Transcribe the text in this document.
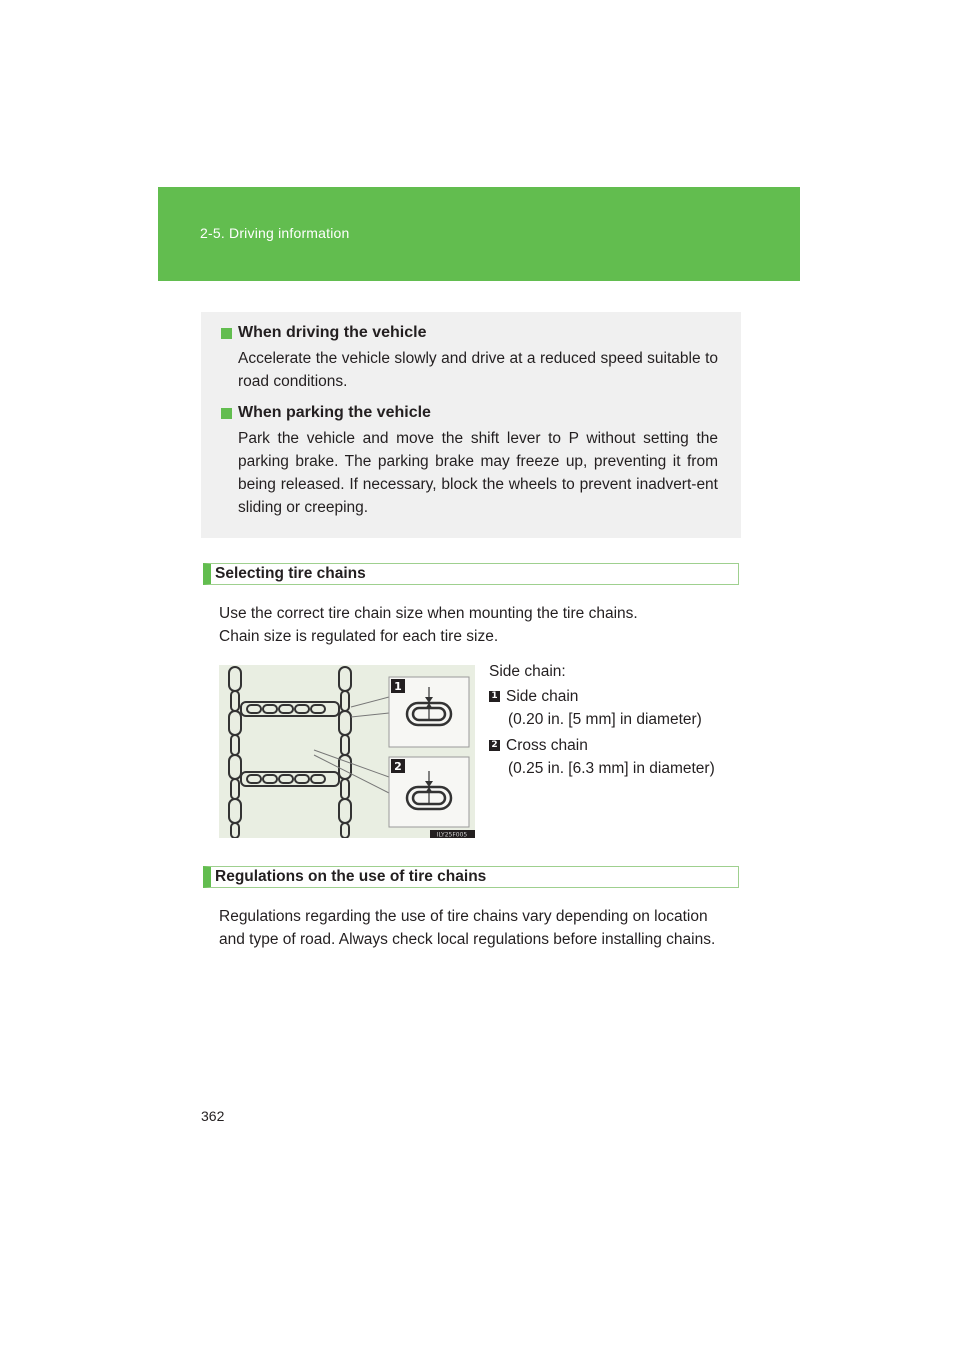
2-5. Driving information
When driving the vehicle
Accelerate the vehicle slowly and drive at a reduced speed suitable to road conditions.
When parking the vehicle
Park the vehicle and move the shift lever to P without setting the parking brake. The parking brake may freeze up, preventing it from being released. If necessary, block the wheels to prevent inadvert-ent sliding or creeping.
Selecting tire chains
Use the correct tire chain size when mounting the tire chains.
Chain size is regulated for each tire size.
1
2
ILY25F005
Side chain:
1 Side chain
(0.20 in. [5 mm] in diameter)
2 Cross chain
(0.25 in. [6.3 mm] in diameter)
Regulations on the use of tire chains
Regulations regarding the use of tire chains vary depending on location
and type of road. Always check local regulations before installing chains.
362
